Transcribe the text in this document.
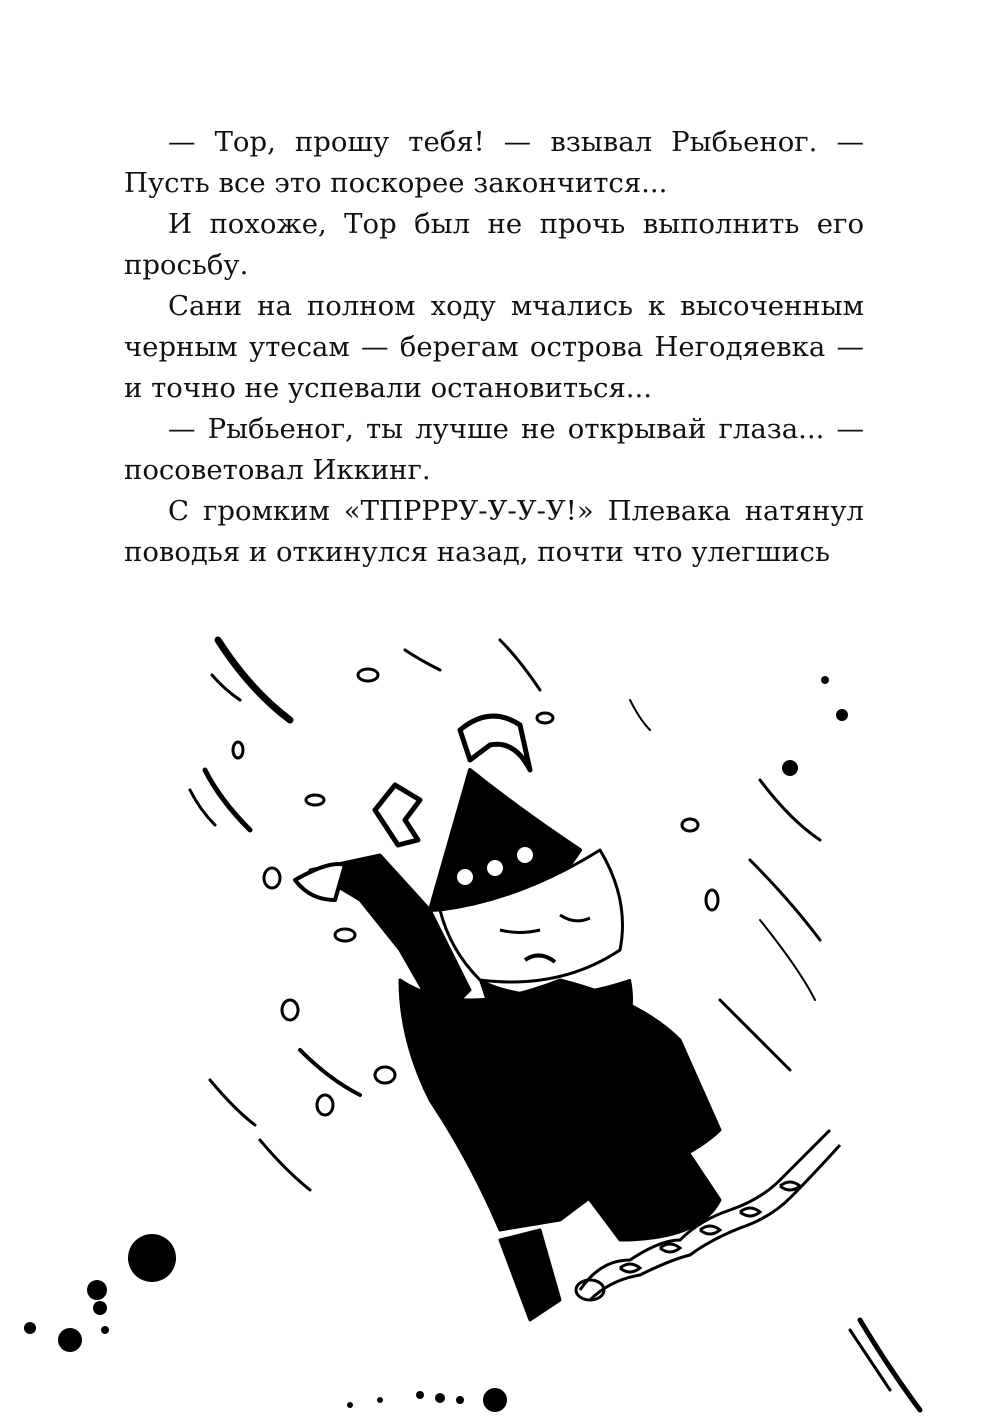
— Тор, прошу тебя! — взывал Рыбьеног. — Пусть все это поскорее закончится...

И похоже, Тор был не прочь выполнить его просьбу.

Сани на полном ходу мчались к высоченным черным утесам — берегам острова Негодяевка — и точно не успевали остановиться...

— Рыбьеног, ты лучше не открывай глаза... — посоветовал Иккинг.

С громким «ТПРРРУ-У-У-У!» Плевака натянул поводья и откинулся назад, почти что улегшись
